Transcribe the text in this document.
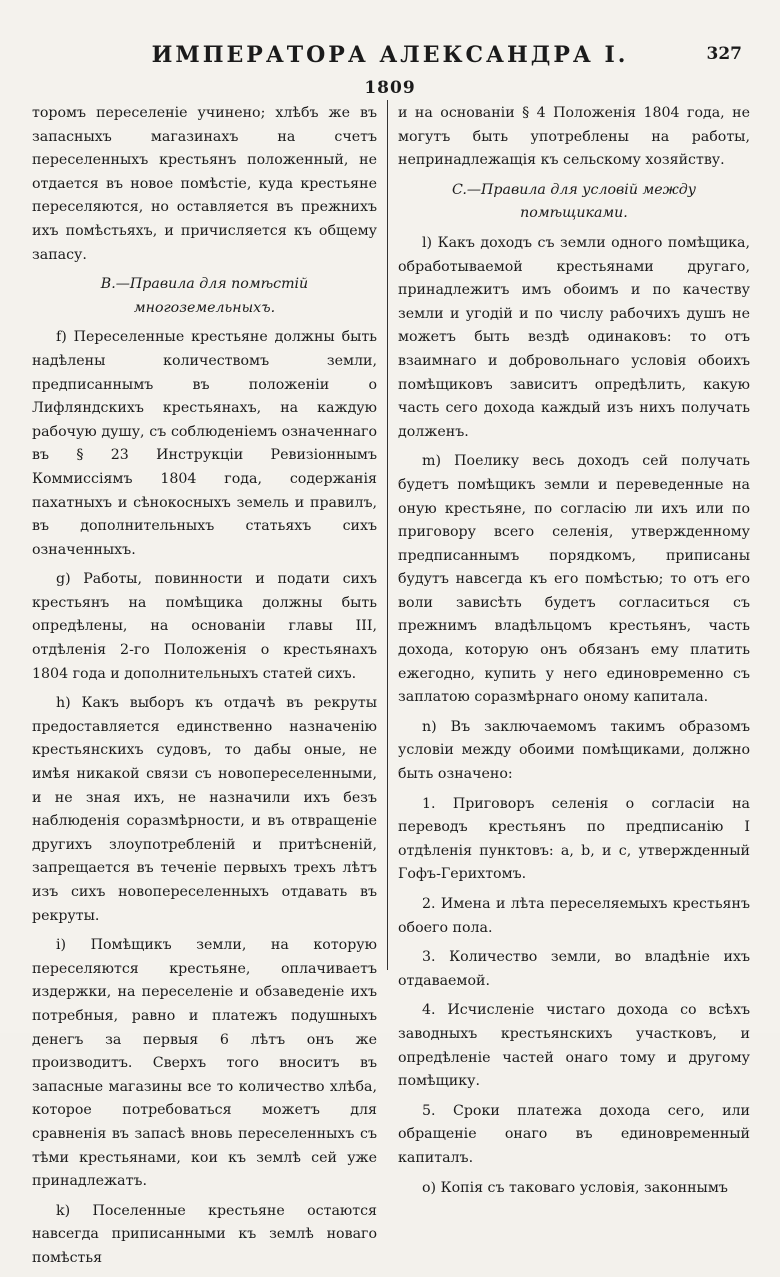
ИМПЕРАТОРА АЛЕКСАНДРА I.	327
1809

торомъ переселеніе учинено; хлѣбъ же въ запасныхъ магазинахъ на счетъ переселенныхъ крестьянъ положенный, не отдается въ новое помѣстіе, куда крестьяне переселяются, но оставляется въ прежнихъ ихъ помѣстьяхъ, и причисляется къ общему запасу.

В.—Правила для помѣстій многоземельныхъ.

f) Переселенные крестьяне должны быть надѣлены количествомъ земли, предписаннымъ въ положеніи о Лифляндскихъ крестьянахъ, на каждую рабочую душу, съ соблюденіемъ означеннаго въ § 23 Инструкціи Ревизіоннымъ Коммиссіямъ 1804 года, содержанія пахатныхъ и сѣнокосныхъ земель и правилъ, въ дополнительныхъ статьяхъ сихъ означенныхъ.

g) Работы, повинности и подати сихъ крестьянъ на помѣщика должны быть опредѣлены, на основаніи главы III, отдѣленія 2-го Положенія о крестьянахъ 1804 года и дополнительныхъ статей сихъ.

h) Какъ выборъ къ отдачѣ въ рекруты предоставляется единственно назначенію крестьянскихъ судовъ, то дабы оные, не имѣя никакой связи съ новопереселенными, и не зная ихъ, не назначили ихъ безъ наблюденія соразмѣрности, и въ отвращеніе другихъ злоупотребленій и притѣсненій, запрещается въ теченіе первыхъ трехъ лѣтъ изъ сихъ новопереселенныхъ отдавать въ рекруты.

i) Помѣщикъ земли, на которую переселяются крестьяне, оплачиваетъ издержки, на переселеніе и обзаведеніе ихъ потребныя, равно и платежъ подушныхъ денегъ за первыя 6 лѣтъ онъ же производитъ. Сверхъ того вноситъ въ запасные магазины все то количество хлѣба, которое потребоваться можетъ для сравненія въ запасѣ вновь переселенныхъ съ тѣми крестьянами, кои къ землѣ сей уже принадлежатъ.

k) Поселенные крестьяне остаются навсегда приписанными къ землѣ новаго помѣстья

и на основаніи § 4 Положенія 1804 года, не могутъ быть употреблены на работы, непринадлежащія къ сельскому хозяйству.

C.—Правила для условій между помѣщиками.

l) Какъ доходъ съ земли одного помѣщика, обработываемой крестьянами другаго, принадлежитъ имъ обоимъ и по качеству земли и угодій и по числу рабочихъ душъ не можетъ быть вездѣ одинаковъ: то отъ взаимнаго и добровольнаго условія обоихъ помѣщиковъ зависитъ опредѣлить, какую часть сего дохода каждый изъ нихъ получать долженъ.

m) Поелику весь доходъ сей получать будетъ помѣщикъ земли и переведенные на оную крестьяне, по согласію ли ихъ или по приговору всего селенія, утвержденному предписаннымъ порядкомъ, приписаны будутъ навсегда къ его помѣстью; то отъ его воли зависѣть будетъ согласиться съ прежнимъ владѣльцомъ крестьянъ, часть дохода, которую онъ обязанъ ему платить ежегодно, купить у него единовременно съ заплатою соразмѣрнаго оному капитала.

n) Въ заключаемомъ такимъ образомъ условіи между обоими помѣщиками, должно быть означено:

1. Приговоръ селенія о согласіи на переводъ крестьянъ по предписанію I отдѣленія пунктовъ: a, b, и c, утвержденный Гофъ-Герихтомъ.

2. Имена и лѣта переселяемыхъ крестьянъ обоего пола.

3. Количество земли, во владѣніе ихъ отдаваемой.

4. Исчисленіе чистаго дохода со всѣхъ заводныхъ крестьянскихъ участковъ, и опредѣленіе частей онаго тому и другому помѣщику.

5. Сроки платежа дохода сего, или обращеніе онаго въ единовременный капиталъ.

o) Копія съ таковаго условія, законнымъ
